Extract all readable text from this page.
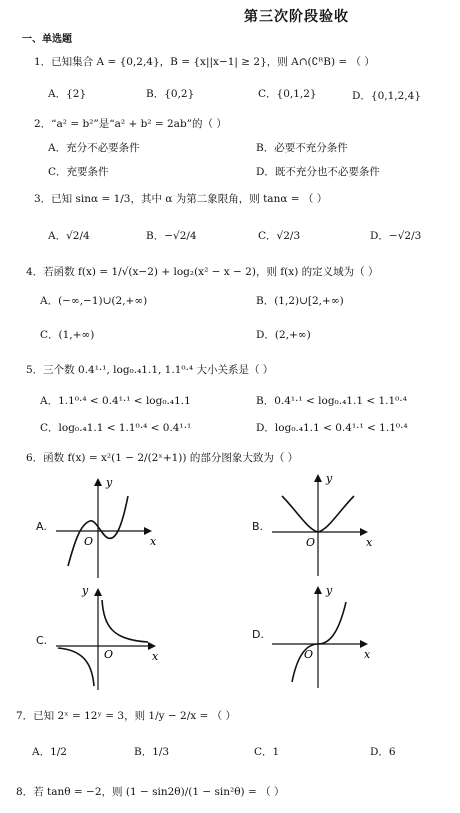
第三次阶段验收
一、单选题
1．已知集合 A = {0,2,4}，B = {x||x−1| ≥ 2}，则 A∩(∁ᴿB) = （ ）
A．{2}	B．{0,2}	C．{0,1,2}	D．{0,1,2,4}
2．“a² = b²”是“a² + b² = 2ab”的（ ）
A．充分不必要条件	B．必要不充分条件
C．充要条件	D．既不充分也不必要条件
3．已知 sinα = 1/3，其中 α 为第二象限角，则 tanα = （ ）
A．√2/4	B．−√2/4	C．√2/3	D．−√2/3
4．若函数 f(x) = 1/√(x−2) + log₂(x² − x − 2)，则 f(x) 的定义域为（ ）
A．(−∞,−1)∪(2,+∞)	B．(1,2)∪[2,+∞)
C．(1,+∞)	D．(2,+∞)
5．三个数 0.4¹·¹, log₀.₄1.1, 1.1⁰·⁴ 大小关系是（ ）
A．1.1⁰·⁴ < 0.4¹·¹ < log₀.₄1.1	B．0.4¹·¹ < log₀.₄1.1 < 1.1⁰·⁴
C．log₀.₄1.1 < 1.1⁰·⁴ < 0.4¹·¹	D．log₀.₄1.1 < 0.4¹·¹ < 1.1⁰·⁴
6．函数 f(x) = x²(1 − 2/(2ˣ+1)) 的部分图象大致为（ ）
A.
y
O	x
B.
y
O	x
C.
y
O	x
D.
y
O	x
7．已知 2ˣ = 12ʸ = 3，则 1/y − 2/x = （ ）
A．1/2	B．1/3	C．1	D．6
8．若 tanθ = −2，则 (1 − sin2θ)/(1 − sin²θ) = （ ）
